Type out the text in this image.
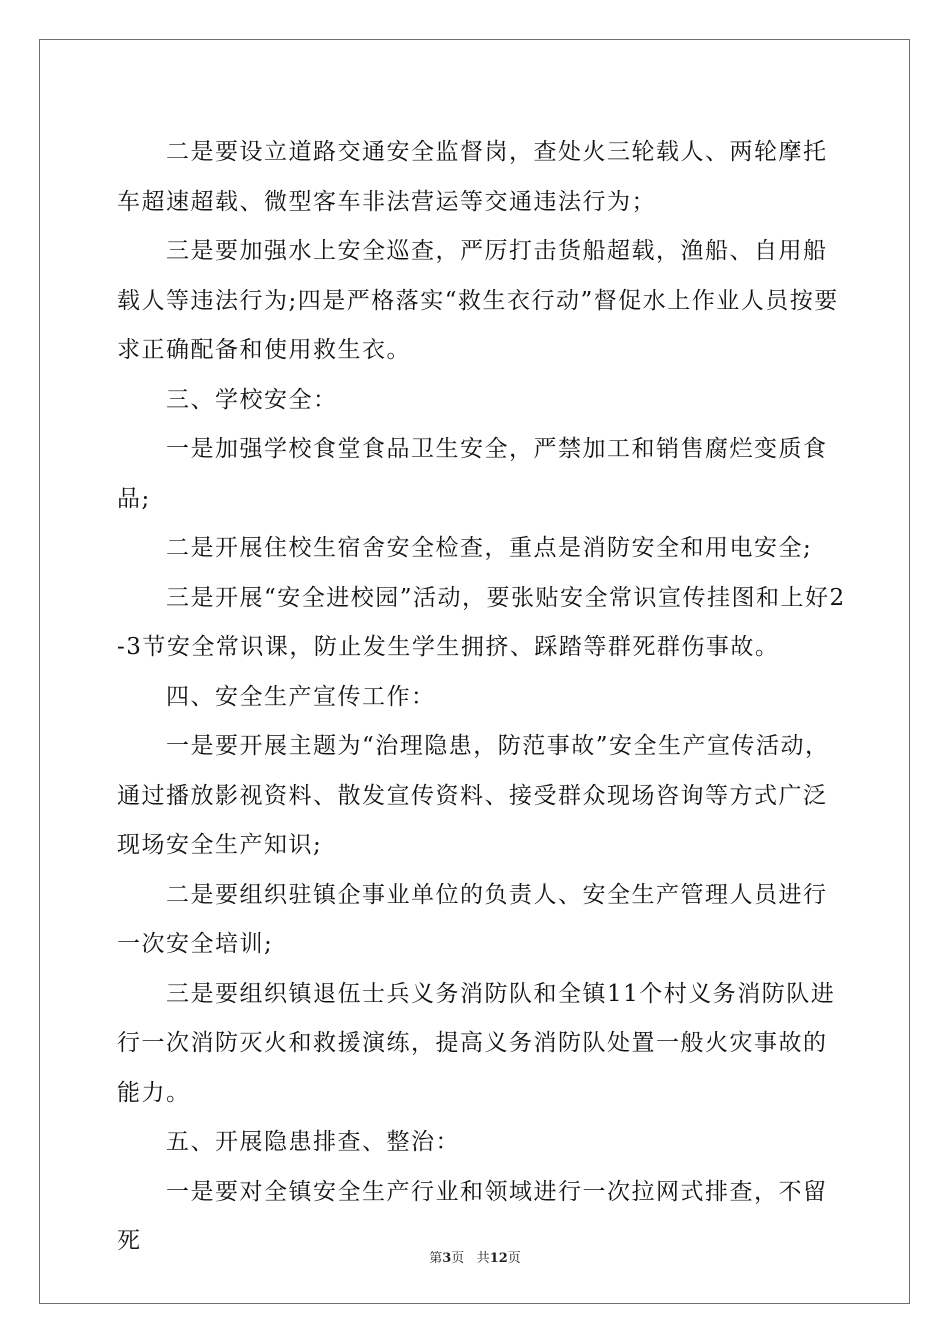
二是要设立道路交通安全监督岗，查处火三轮载人、两轮摩托车超速超载、微型客车非法营运等交通违法行为；

三是要加强水上安全巡查，严厉打击货船超载，渔船、自用船载人等违法行为;四是严格落实“救生衣行动”督促水上作业人员按要求正确配备和使用救生衣。

三、学校安全：

一是加强学校食堂食品卫生安全，严禁加工和销售腐烂变质食品;

二是开展住校生宿舍安全检查，重点是消防安全和用电安全;

三是开展“安全进校园”活动，要张贴安全常识宣传挂图和上好2-3节安全常识课，防止发生学生拥挤、踩踏等群死群伤事故。

四、安全生产宣传工作：

一是要开展主题为“治理隐患，防范事故”安全生产宣传活动，通过播放影视资料、散发宣传资料、接受群众现场咨询等方式广泛现场安全生产知识;

二是要组织驻镇企事业单位的负责人、安全生产管理人员进行一次安全培训;

三是要组织镇退伍士兵义务消防队和全镇11个村义务消防队进行一次消防灭火和救援演练，提高义务消防队处置一般火灾事故的能力。

五、开展隐患排查、整治：

一是要对全镇安全生产行业和领域进行一次拉网式排查，不留死

第3页 共12页
